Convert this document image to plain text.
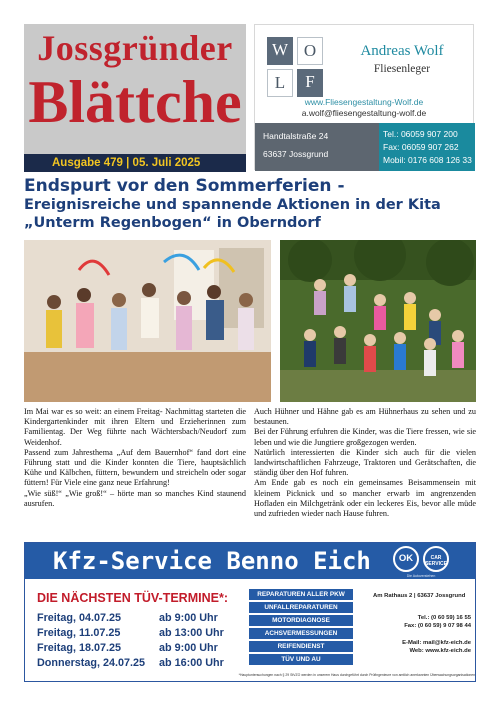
Jossgründer
Blättche
Ausgabe 479 | 05. Juli 2025
W O
L	F
Andreas Wolf
Fliesenleger
www.Fliesengestaltung-Wolf.de
a.wolf@fliesengestaltung-wolf.de
Handtalstraße 24
63637 Jossgrund
Tel.: 06059 907 200
Fax: 06059 907 262
Mobil: 0176 608 126 33
Endspurt vor den Sommerferien -
Ereignisreiche und spannende Aktionen in der Kita
„Unterm Regenbogen“ in Oberndorf

Im Mai war es so weit: an einem Freitag- Nachmittag starteten die Kindergartenkinder mit ihren Eltern und Erzieherinnen zum Familientag. Der Weg führte nach Wächtersbach/Neudorf zum Weidenhof.

Passend zum Jahresthema „Auf dem Bauernhof“ fand dort eine Führung statt und die Kinder konnten die Tiere, hauptsächlich Kühe und Kälbchen, füttern, bewundern und streicheln oder sogar füttern! Für Viele eine ganz neue Erfahrung!

„Wie süß!“ „Wie groß!“ – hörte man so manches Kind staunend ausrufen.

Auch Hühner und Hähne gab es am Hühnerhaus zu sehen und zu bestaunen.

Bei der Führung erfuhren die Kinder, was die Tiere fressen, wie sie leben und wie die Jungtiere großgezogen werden.

Natürlich interessierten die Kinder sich auch für die vielen landwirtschaftlichen Fahrzeuge, Traktoren und Gerätschaften, die ständig über den Hof fuhren.

Am Ende gab es noch ein gemeinsames Beisammensein mit kleinem Picknick und so mancher erwarb im angrenzenden Hofladen ein Milchgetränk oder ein leckeres Eis, bevor alle müde und zufrieden wieder nach Hause fuhren.

Kfz-Service Benno Eich	OK	CAR SERVICE
Die Autoverstehen
DIE NÄCHSTEN TÜV-TERMINE*:
Freitag, 04.07.25	ab 9:00 Uhr
Freitag, 11.07.25	ab 13:00 Uhr
Freitag, 18.07.25	ab 9:00 Uhr
Donnerstag, 24.07.25 ab 16:00 Uhr
REPARATUREN ALLER PKW
UNFALLREPARATUREN
MOTORDIAGNOSE
ACHSVERMESSUNGEN
REIFENDIENST
TÜV UND AU
Am Rathaus 2 | 63637 Jossgrund
Tel.: (0 60 59) 16 55
Fax: (0 60 59) 9 07 98 44
E-Mail: mail@kfz-eich.de
Web: www.kfz-eich.de
*Hauptuntersuchungen nach § 29 StVZO werden in unserem Haus durchgeführt durch Prüfingenieure von amtlich anerkannten Überwachungsorganisationen
